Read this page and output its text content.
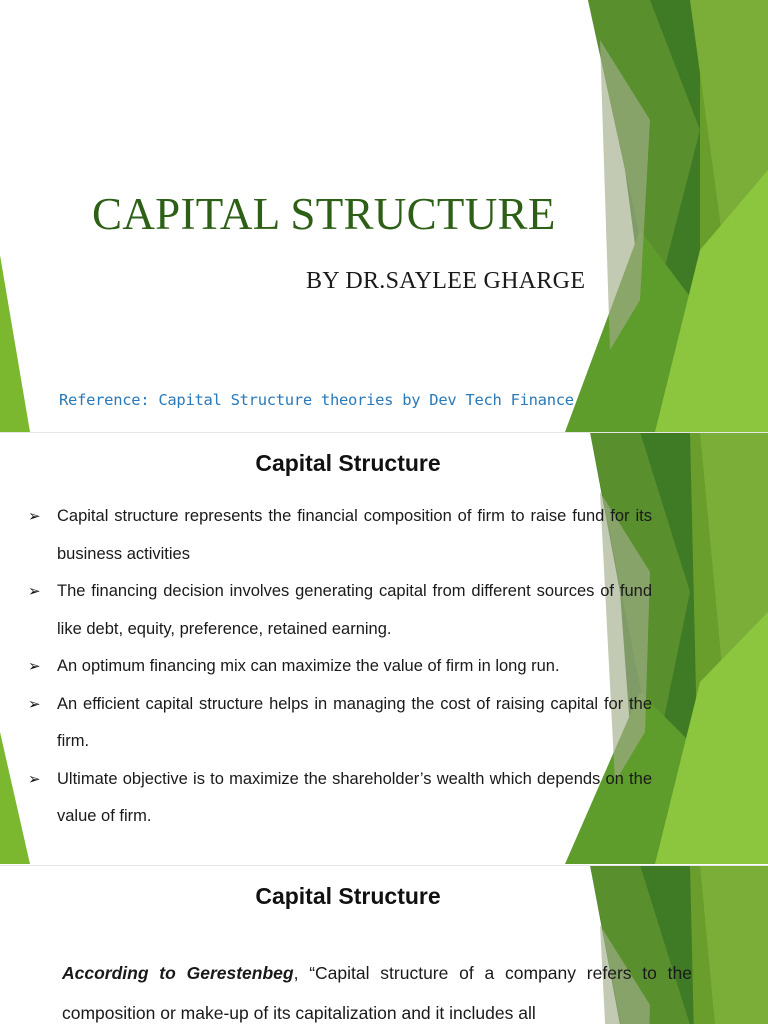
CAPITAL STRUCTURE
BY DR.SAYLEE GHARGE
Reference: Capital Structure theories by Dev Tech Finance
Capital Structure
➢ Capital structure represents the financial composition of firm to raise fund for its business activities
➢ The financing decision involves generating capital from different sources of fund like debt, equity, preference, retained earning.
➢ An optimum financing mix can maximize the value of firm in long run.
➢ An efficient capital structure helps in managing the cost of raising capital for the firm.
➢ Ultimate objective is to maximize the shareholder’s wealth which depends on the value of firm.
Capital Structure

According to Gerestenbeg, “Capital structure of a company refers to the composition or make-up of its capitalization and it includes all
